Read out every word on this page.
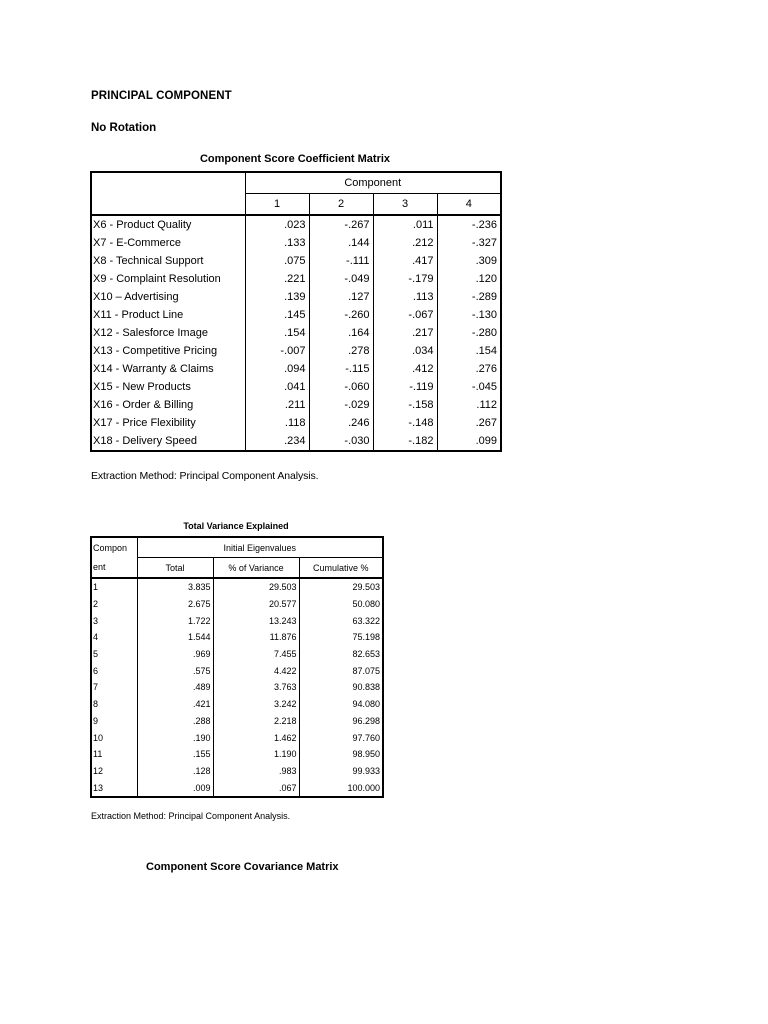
PRINCIPAL COMPONENT
No Rotation
Component Score Coefficient Matrix
	Component			
	1	2	3	4
X6 - Product Quality	.023	-.267	.011	-.236
X7 - E-Commerce	.133	.144	.212	-.327
X8 - Technical Support	.075	-.111	.417	.309
X9 - Complaint Resolution	.221	-.049	-.179	.120
X10 – Advertising	.139	.127	.113	-.289
X11 - Product Line	.145	-.260	-.067	-.130
X12 - Salesforce Image	.154	.164	.217	-.280
X13 - Competitive Pricing	-.007	.278	.034	.154
X14 - Warranty & Claims	.094	-.115	.412	.276
X15 - New Products	.041	-.060	-.119	-.045
X16 - Order & Billing	.211	-.029	-.158	.112
X17 - Price Flexibility	.118	.246	-.148	.267
X18 - Delivery Speed	.234	-.030	-.182	.099
Extraction Method: Principal Component Analysis.
Total Variance Explained
Compon
ent	Initial Eigenvalues		
	Total	% of Variance	Cumulative %
1	3.835	29.503	29.503
2	2.675	20.577	50.080
3	1.722	13.243	63.322
4	1.544	11.876	75.198
5	.969	7.455	82.653
6	.575	4.422	87.075
7	.489	3.763	90.838
8	.421	3.242	94.080
9	.288	2.218	96.298
10	.190	1.462	97.760
11	.155	1.190	98.950
12	.128	.983	99.933
13	.009	.067	100.000
Extraction Method: Principal Component Analysis.
Component Score Covariance Matrix
